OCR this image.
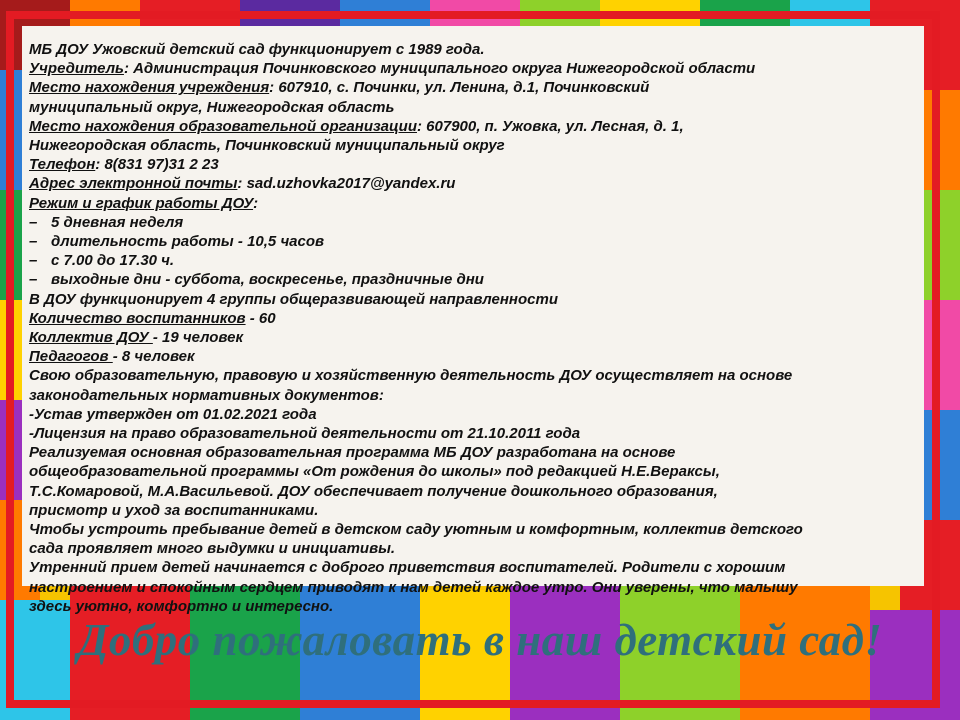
МБ ДОУ Ужовский детский сад функционирует с 1989 года.
Учредитель: Администрация Починковского муниципального округа Нижегородской области
Место нахождения учреждения: 607910, с. Починки, ул. Ленина, д.1, Починковский
муниципальный округ, Нижегородская область
Место нахождения образовательной организации: 607900, п. Ужовка, ул. Лесная, д. 1,
Нижегородская область, Починковский муниципальный округ
Телефон: 8(831 97)31 2 23
Адрес электронной почты: sad.uzhovka2017@yandex.ru
Режим и график работы ДОУ:
– 5 дневная неделя
– длительность работы - 10,5 часов
– с 7.00 до 17.30 ч.
– выходные дни - суббота, воскресенье, праздничные дни
В ДОУ функционирует 4 группы общеразвивающей направленности
Количество воспитанников - 60
Коллектив ДОУ - 19 человек
Педагогов - 8 человек
Свою образовательную, правовую и хозяйственную деятельность ДОУ осуществляет на основе
законодательных нормативных документов:
-Устав утвержден от 01.02.2021 года
-Лицензия на право образовательной деятельности от 21.10.2011 года
Реализуемая основная образовательная программа МБ ДОУ разработана на основе
общеобразовательной программы «От рождения до школы» под редакцией Н.Е.Вераксы,
Т.С.Комаровой, М.А.Васильевой. ДОУ обеспечивает получение дошкольного образования,
присмотр и уход за воспитанниками.
Чтобы устроить пребывание детей в детском саду уютным и комфортным, коллектив детского
сада проявляет много выдумки и инициативы.
Утренний прием детей начинается с доброго приветствия воспитателей. Родители с хорошим
настроением и спокойным сердцем приводят к нам детей каждое утро. Они уверены, что малышу
здесь уютно, комфортно и интересно.
Добро пожаловать в наш детский сад!
